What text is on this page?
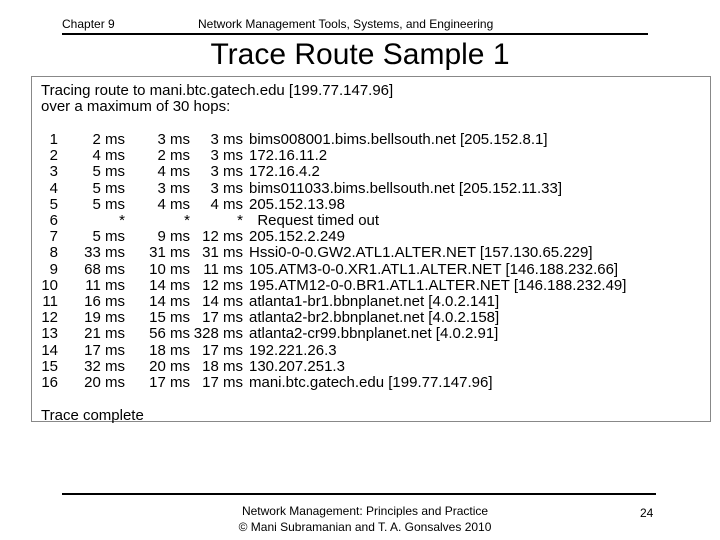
Chapter 9	Network Management Tools, Systems, and Engineering
Trace Route Sample 1
Tracing route to mani.btc.gatech.edu [199.77.147.96]
over a maximum of 30 hops:
1	2 ms	3 ms	3 ms bims008001.bims.bellsouth.net [205.152.8.1]
2	4 ms	2 ms	3 ms 172.16.11.2
3	5 ms	4 ms	3 ms 172.16.4.2
4	5 ms	3 ms	3 ms bims011033.bims.bellsouth.net [205.152.11.33]
5	5 ms	4 ms	4 ms 205.152.13.98
6	*	*	* Request timed out
7	5 ms	9 ms 12 ms 205.152.2.249
8	33 ms	31 ms 31 ms Hssi0-0-0.GW2.ATL1.ALTER.NET [157.130.65.229]
9	68 ms	10 ms 11 ms 105.ATM3-0-0.XR1.ATL1.ALTER.NET [146.188.232.66]
10	11 ms	14 ms 12 ms 195.ATM12-0-0.BR1.ATL1.ALTER.NET [146.188.232.49]
11	16 ms	14 ms 14 ms atlanta1-br1.bbnplanet.net [4.0.2.141]
12	19 ms	15 ms 17 ms atlanta2-br2.bbnplanet.net [4.0.2.158]
13	21 ms	56 ms 328 ms atlanta2-cr99.bbnplanet.net [4.0.2.91]
14	17 ms	18 ms 17 ms 192.221.26.3
15	32 ms	20 ms 18 ms 130.207.251.3
16	20 ms	17 ms 17 ms mani.btc.gatech.edu [199.77.147.96]
Trace complete
Network Management: Principles and Practice
© Mani Subramanian and T. A. Gonsalves 2010
24
